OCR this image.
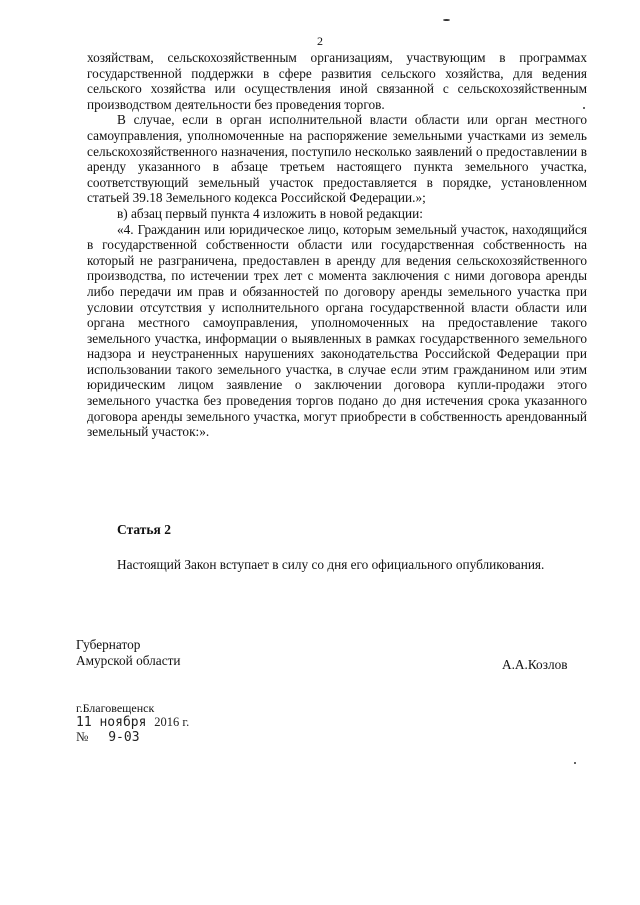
2

хозяйствам, сельскохозяйственным организациям, участвующим в программах государственной поддержки в сфере развития сельского хозяйства, для ведения сельского хозяйства или осуществления иной связанной с сельскохозяйственным производством деятельности без проведения торгов.

В случае, если в орган исполнительной власти области или орган местного самоуправления, уполномоченные на распоряжение земельными участками из земель сельскохозяйственного назначения, поступило несколько заявлений о предоставлении в аренду указанного в абзаце третьем настоящего пункта земельного участка, соответствующий земельный участок предоставляется в порядке, установленном статьей 39.18 Земельного кодекса Российской Федерации.»;

в) абзац первый пункта 4 изложить в новой редакции:

«4. Гражданин или юридическое лицо, которым земельный участок, находящийся в государственной собственности области или государственная собственность на который не разграничена, предоставлен в аренду для ведения сельскохозяйственного производства, по истечении трех лет с момента заключения с ними договора аренды либо передачи им прав и обязанностей по договору аренды земельного участка при условии отсутствия у исполнительного органа государственной власти области или органа местного самоуправления, уполномоченных на предоставление такого земельного участка, информации о выявленных в рамках государственного земельного надзора и неустраненных нарушениях законодательства Российской Федерации при использовании такого земельного участка, в случае если этим гражданином или этим юридическим лицом заявление о заключении договора купли-продажи этого земельного участка без проведения торгов подано до дня истечения срока указанного договора аренды земельного участка, могут приобрести в собственность арендованный земельный участок:».

Статья 2

Настоящий Закон вступает в силу со дня его официального опубликования.

Губернатор
Амурской области	А.А.Козлов
г.Благовещенск
11 ноября 2016 г.
№ 9-03
